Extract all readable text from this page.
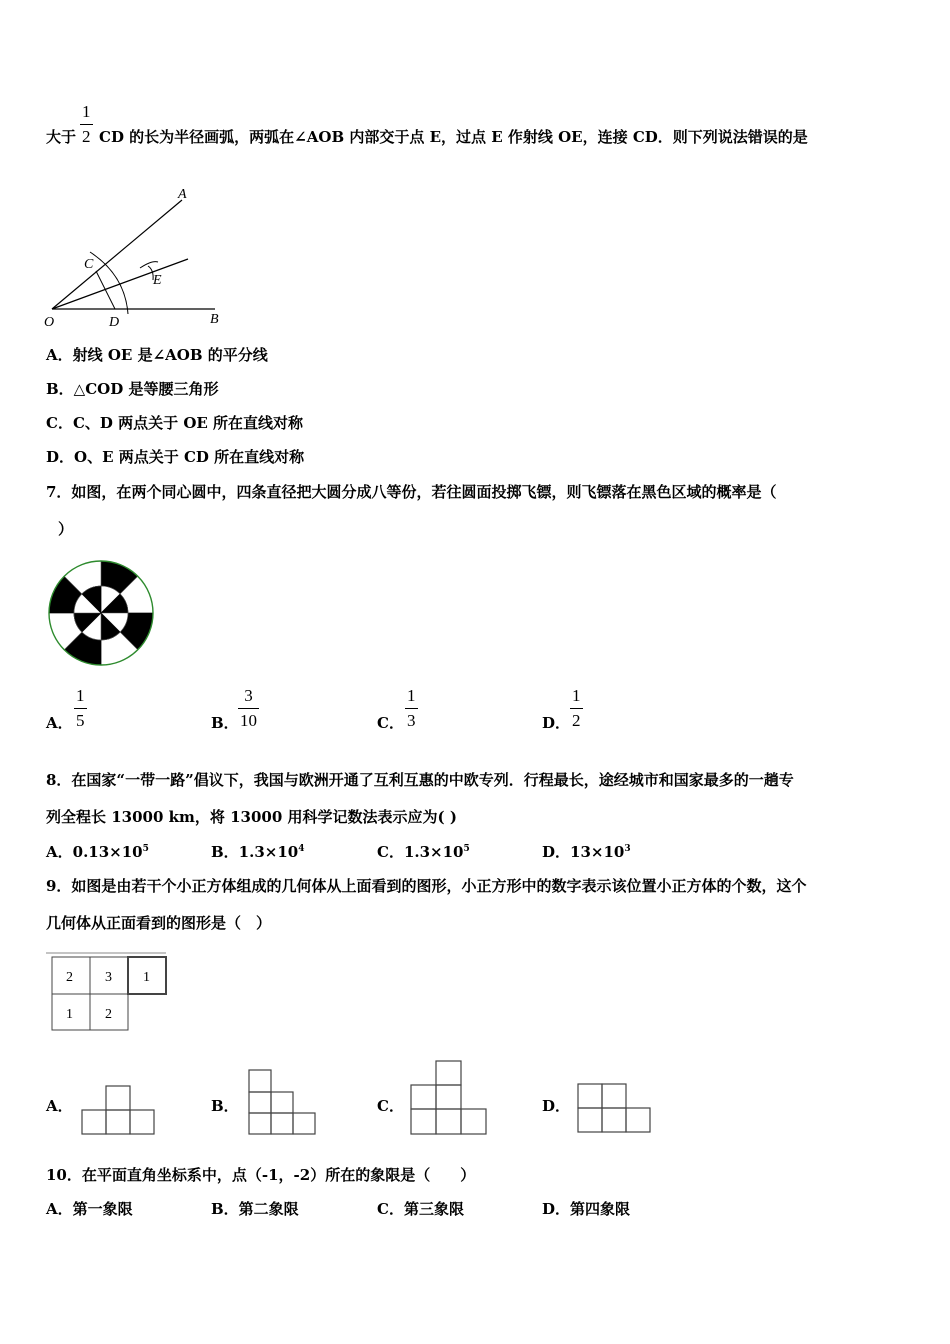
大于
1
2 CD 的长为半径画弧，两弧在∠AOB 内部交于点 E，过点 E 作射线 OE，连接 CD．则下列说法错误的是
A
C
E
O	D	B
A．射线 OE 是∠AOB 的平分线
B．△COD 是等腰三角形
C．C、D 两点关于 OE 所在直线对称
D．O、E 两点关于 CD 所在直线对称
7．如图，在两个同心圆中，四条直径把大圆分成八等份，若往圆面投掷飞镖，则飞镖落在黑色区域的概率是（
）
A．
1
5	B．
3
10	C．
1
3	D．
1
2
8．在国家“一带一路”倡议下，我国与欧洲开通了互利互惠的中欧专列．行程最长，途经城市和国家最多的一趟专
列全程长 13000 km，将 13000 用科学记数法表示应为( )
A．$0.13\times 10^5$	B．$1.3\times 10^4$	C．$1.3\times 10^5$	D．$13\times 10^3$
9．如图是由若干个小正方体组成的几何体从上面看到的图形，小正方形中的数字表示该位置小正方体的个数，这个
几何体从正面看到的图形是（　）
2 3 1
1 2
A．	B．	C．	D．
10．在平面直角坐标系中，点（-1，-2）所在的象限是（　　）
A．第一象限	B．第二象限	C．第三象限	D．第四象限
